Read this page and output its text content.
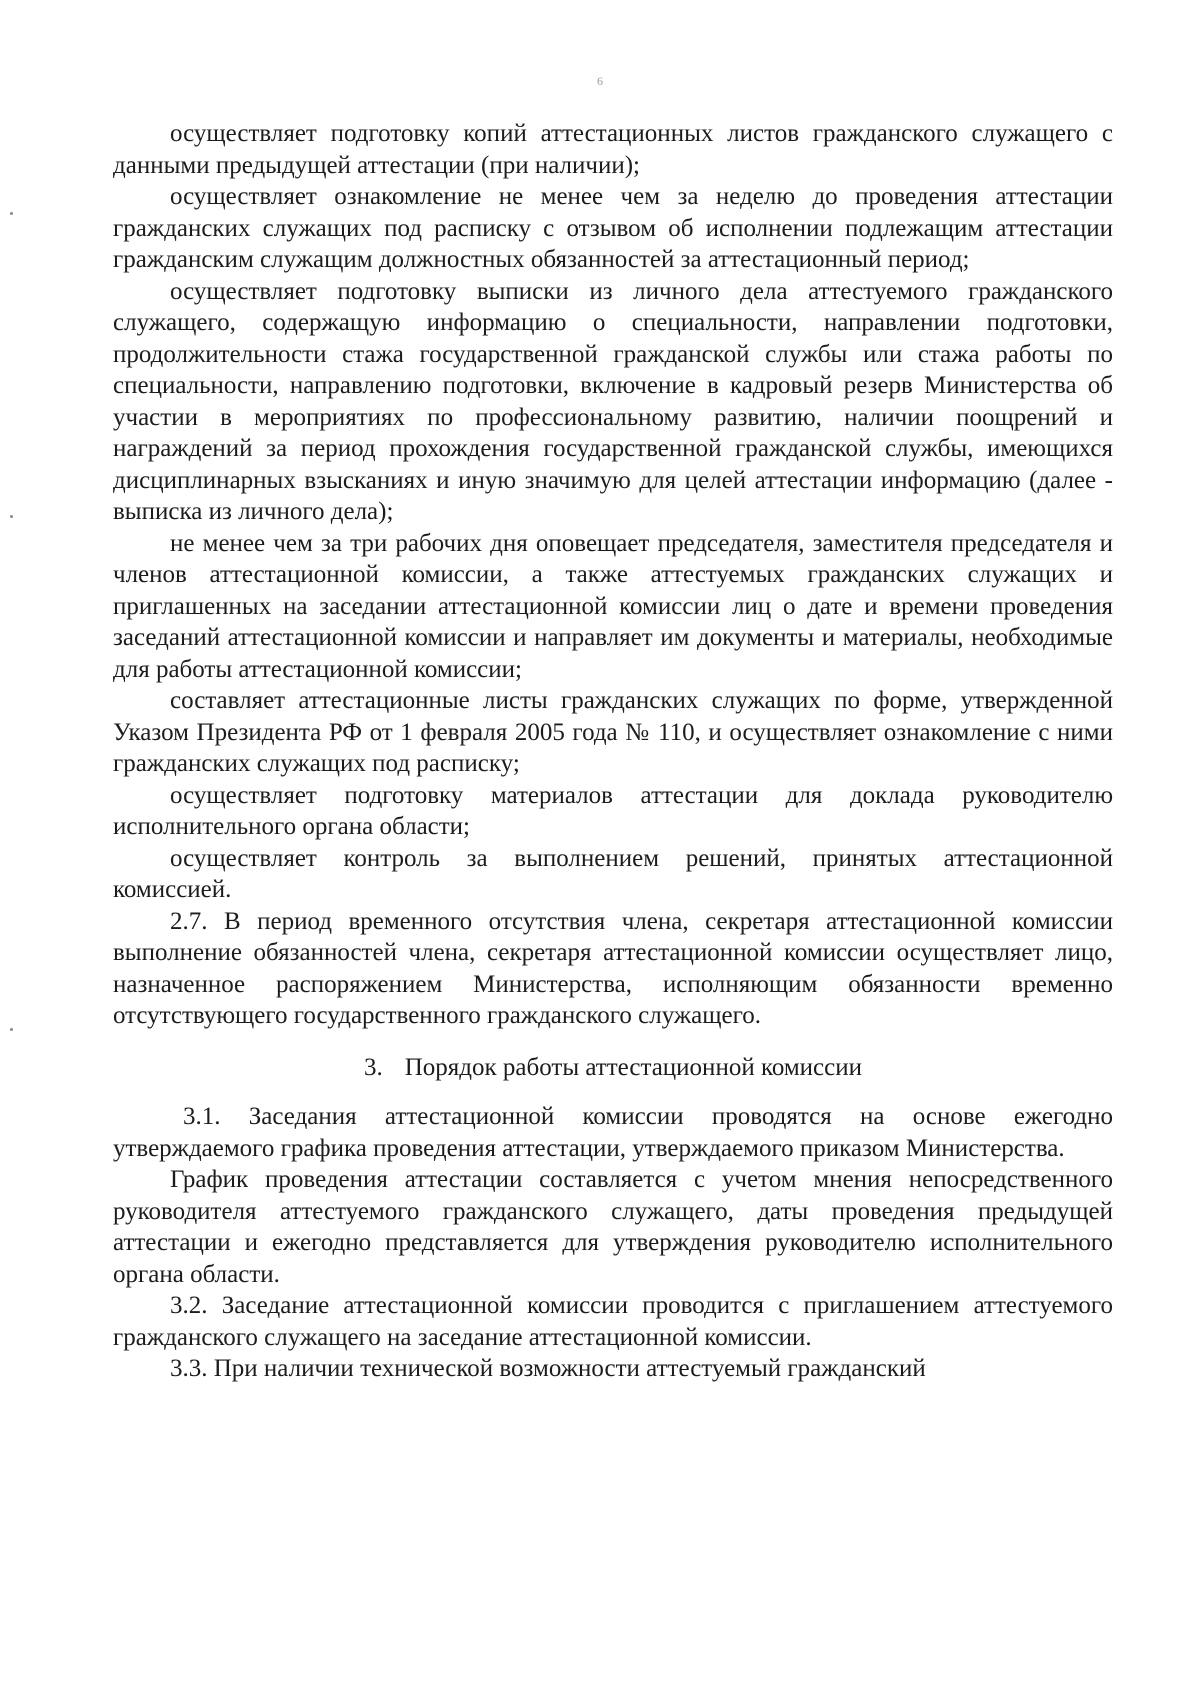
6

осуществляет подготовку копий аттестационных листов гражданского служащего с данными предыдущей аттестации (при наличии);

осуществляет ознакомление не менее чем за неделю до проведения аттестации гражданских служащих под расписку с отзывом об исполнении подлежащим аттестации гражданским служащим должностных обязанностей за аттестационный период;

осуществляет подготовку выписки из личного дела аттестуемого гражданского служащего, содержащую информацию о специальности, направлении подготовки, продолжительности стажа государственной гражданской службы или стажа работы по специальности, направлению подготовки, включение в кадровый резерв Министерства об участии в мероприятиях по профессиональному развитию, наличии поощрений и награждений за период прохождения государственной гражданской службы, имеющихся дисциплинарных взысканиях и иную значимую для целей аттестации информацию (далее - выписка из личного дела);

не менее чем за три рабочих дня оповещает председателя, заместителя председателя и членов аттестационной комиссии, а также аттестуемых гражданских служащих и приглашенных на заседании аттестационной комиссии лиц о дате и времени проведения заседаний аттестационной комиссии и направляет им документы и материалы, необходимые для работы аттестационной комиссии;

составляет аттестационные листы гражданских служащих по форме, утвержденной Указом Президента РФ от 1 февраля 2005 года № 110, и осуществляет ознакомление с ними гражданских служащих под расписку;

осуществляет подготовку материалов аттестации для доклада руководителю исполнительного органа области;

осуществляет контроль за выполнением решений, принятых аттестационной комиссией.

2.7. В период временного отсутствия члена, секретаря аттестационной комиссии выполнение обязанностей члена, секретаря аттестационной комиссии осуществляет лицо, назначенное распоряжением Министерства, исполняющим обязанности временно отсутствующего государственного гражданского служащего.

3. Порядок работы аттестационной комиссии

3.1. Заседания аттестационной комиссии проводятся на основе ежегодно утверждаемого графика проведения аттестации, утверждаемого приказом Министерства.

График проведения аттестации составляется с учетом мнения непосредственного руководителя аттестуемого гражданского служащего, даты проведения предыдущей аттестации и ежегодно представляется для утверждения руководителю исполнительного органа области.

3.2. Заседание аттестационной комиссии проводится с приглашением аттестуемого гражданского служащего на заседание аттестационной комиссии.

3.3. При наличии технической возможности аттестуемый гражданский
